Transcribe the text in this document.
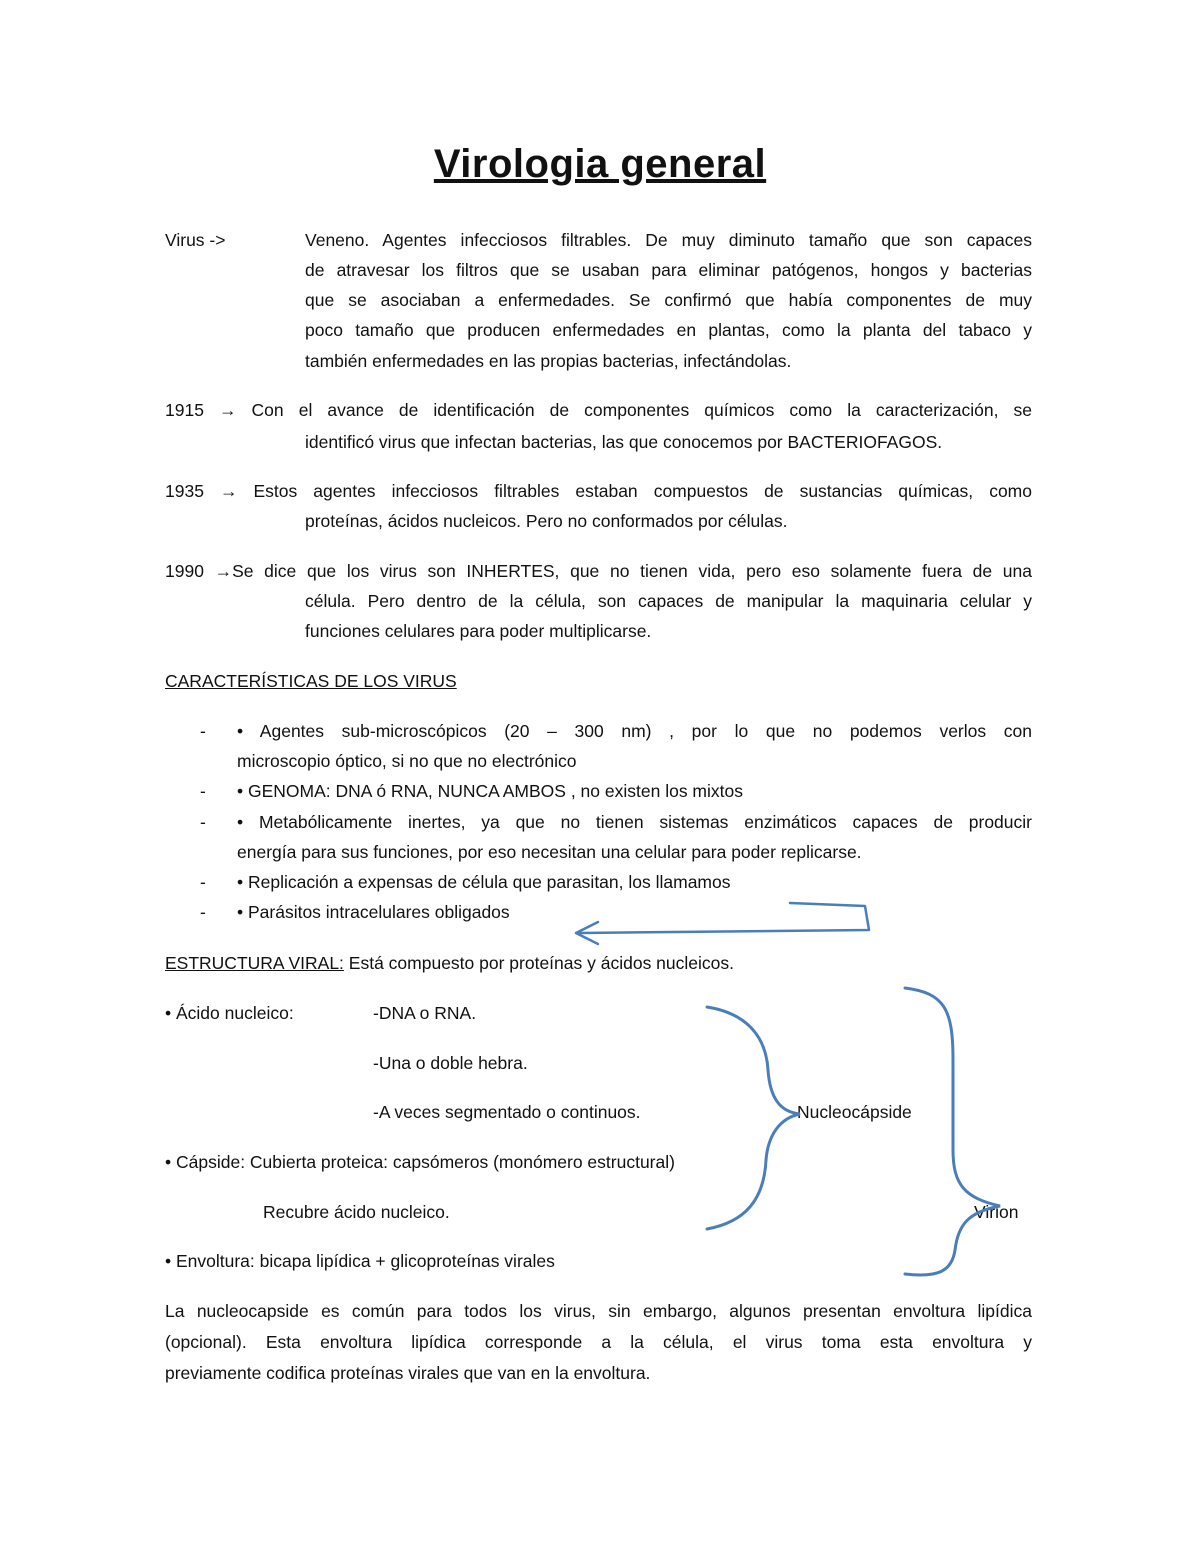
Virologia general
Virus ->	Veneno. Agentes infecciosos filtrables. De muy diminuto tamaño que son capaces
de atravesar los filtros que se usaban para eliminar patógenos, hongos y bacterias
que se asociaban a enfermedades. Se confirmó que había componentes de muy
poco tamaño que producen enfermedades en plantas, como la planta del tabaco y
también enfermedades en las propias bacterias, infectándolas.
1915 → Con el avance de identificación de componentes químicos como la caracterización, se
identificó virus que infectan bacterias, las que conocemos por BACTERIOFAGOS.
1935 → Estos agentes infecciosos filtrables estaban compuestos de sustancias químicas, como
proteínas, ácidos nucleicos. Pero no conformados por células.
1990 →Se dice que los virus son INHERTES, que no tienen vida, pero eso solamente fuera de una
célula. Pero dentro de la célula, son capaces de manipular la maquinaria celular y
funciones celulares para poder multiplicarse.
CARACTERÍSTICAS DE LOS VIRUS
- • Agentes sub-microscópicos (20 – 300 nm) , por lo que no podemos verlos con
microscopio óptico, si no que no electrónico
- • GENOMA: DNA ó RNA, NUNCA AMBOS , no existen los mixtos
- • Metabólicamente inertes, ya que no tienen sistemas enzimáticos capaces de producir
energía para sus funciones, por eso necesitan una celular para poder replicarse.
- • Replicación a expensas de célula que parasitan, los llamamos
- • Parásitos intracelulares obligados
ESTRUCTURA VIRAL: Está compuesto por proteínas y ácidos nucleicos.
• Ácido nucleico:	-DNA o RNA.
-Una o doble hebra.
-A veces segmentado o continuos.	Nucleocápside
• Cápside: Cubierta proteica: capsómeros (monómero estructural)
Recubre ácido nucleico.	Virion
• Envoltura: bicapa lipídica + glicoproteínas virales
La nucleocapside es común para todos los virus, sin embargo, algunos presentan envoltura lipídica
(opcional). Esta envoltura lipídica corresponde a la célula, el virus toma esta envoltura y
previamente codifica proteínas virales que van en la envoltura.
